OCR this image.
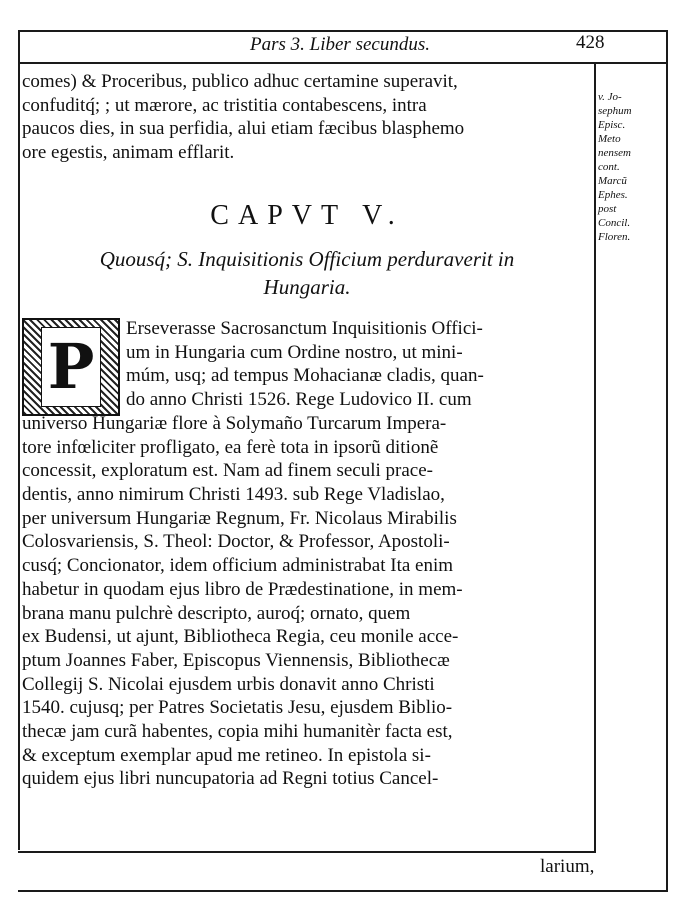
Pars 3. Liber secundus.	428
comes) & Proceribus, publico adhuc certamine superavit,
confuditq́; ; ut mærore, ac tristitia contabescens, intra
paucos dies, in sua perfidia, alui etiam fæcibus blasphemo
ore egestis, animam efflarit.
CAPVT V.
Quousq́; S. Inquisitionis Officium perduraverit in
Hungaria.
P
Erseverasse Sacrosanctum Inquisitionis Offici-
um in Hungaria cum Ordine nostro, ut mini-
múm, usq; ad tempus Mohacianæ cladis, quan-
do anno Christi 1526. Rege Ludovico II. cum
universo Hungariæ flore à Solymaño Turcarum Impera-
tore infœliciter profligato, ea ferè tota in ipsorũ ditionẽ
concessit, exploratum est. Nam ad finem seculi prace-
dentis, anno nimirum Christi 1493. sub Rege Vladislao,
per universum Hungariæ Regnum, Fr. Nicolaus Mirabilis
Colosvariensis, S. Theol: Doctor, & Professor, Apostoli-
cusq́; Concionator, idem officium administrabat Ita enim
habetur in quodam ejus libro de Prædestinatione, in mem-
brana manu pulchrè descripto, auroq́; ornato, quem
ex Budensi, ut ajunt, Bibliotheca Regia, ceu monile acce-
ptum Joannes Faber, Episcopus Viennensis, Bibliothecæ
Collegij S. Nicolai ejusdem urbis donavit anno Christi
1540. cujusq; per Patres Societatis Jesu, ejusdem Biblio-
thecæ jam curã habentes, copia mihi humanitèr facta est,
& exceptum exemplar apud me retineo. In epistola si-
quidem ejus libri nuncupatoria ad Regni totius Cancel-
larium,
v. Jo-
sephum
Episc.
Meto
nensem
cont.
Marcũ
Ephes.
post
Concil.
Floren.
